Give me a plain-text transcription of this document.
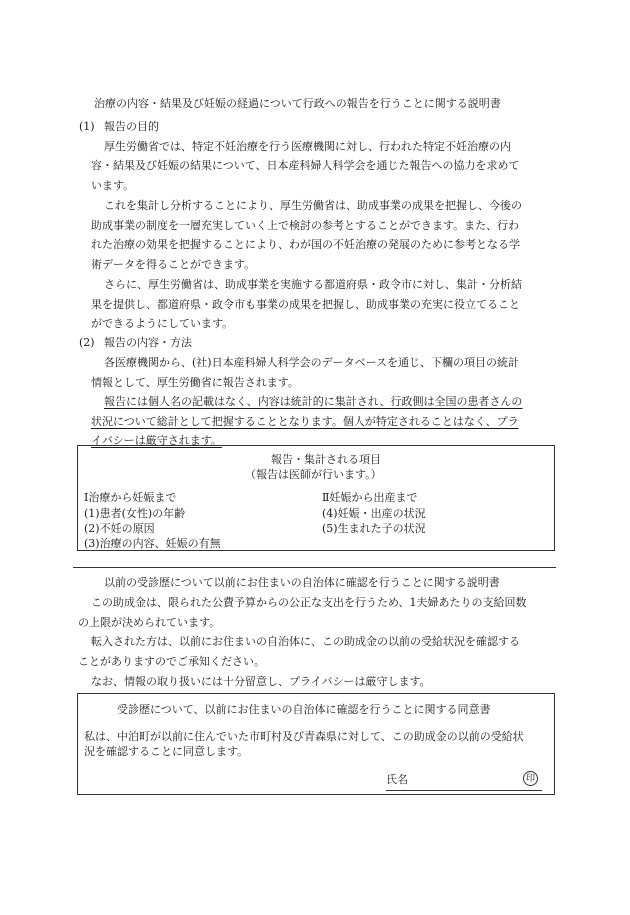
治療の内容・結果及び妊娠の経過について行政への報告を行うことに関する説明書
(1) 報告の目的
厚生労働省では、特定不妊治療を行う医療機関に対し、行われた特定不妊治療の内
容・結果及び妊娠の結果について、日本産科婦人科学会を通じた報告への協力を求めて
います。
これを集計し分析することにより、厚生労働省は、助成事業の成果を把握し、今後の
助成事業の制度を一層充実していく上で検討の参考とすることができます。また、行わ
れた治療の効果を把握することにより、わが国の不妊治療の発展のために参考となる学
術データを得ることができます。
さらに、厚生労働省は、助成事業を実施する都道府県・政令市に対し、集計・分析結
果を提供し、都道府県・政令市も事業の成果を把握し、助成事業の充実に役立てること
ができるようにしています。
(2) 報告の内容・方法
各医療機関から、(社)日本産科婦人科学会のデータベースを通じ、下欄の項目の統計
情報として、厚生労働省に報告されます。
報告には個人名の記載はなく、内容は統計的に集計され、行政側は全国の患者さんの
状況について総計として把握することとなります。個人が特定されることはなく、プラ
イバシーは厳守されます。
報告・集計される項目
（報告は医師が行います。）
Ⅰ治療から妊娠まで
(1)患者(女性)の年齢
(2)不妊の原因
(3)治療の内容、妊娠の有無
Ⅱ妊娠から出産まで
(4)妊娠・出産の状況
(5)生まれた子の状況
以前の受診歴について以前にお住まいの自治体に確認を行うことに関する説明書
この助成金は、限られた公費予算からの公正な支出を行うため、1夫婦あたりの支給回数
の上限が決められています。
転入された方は、以前にお住まいの自治体に、この助成金の以前の受給状況を確認する
ことがありますのでご承知ください。
なお、情報の取り扱いには十分留意し、プライバシーは厳守します。
受診歴について、以前にお住まいの自治体に確認を行うことに関する同意書
私は、中泊町が以前に住んでいた市町村及び青森県に対して、この助成金の以前の受給状
況を確認することに同意します。
氏名	印
